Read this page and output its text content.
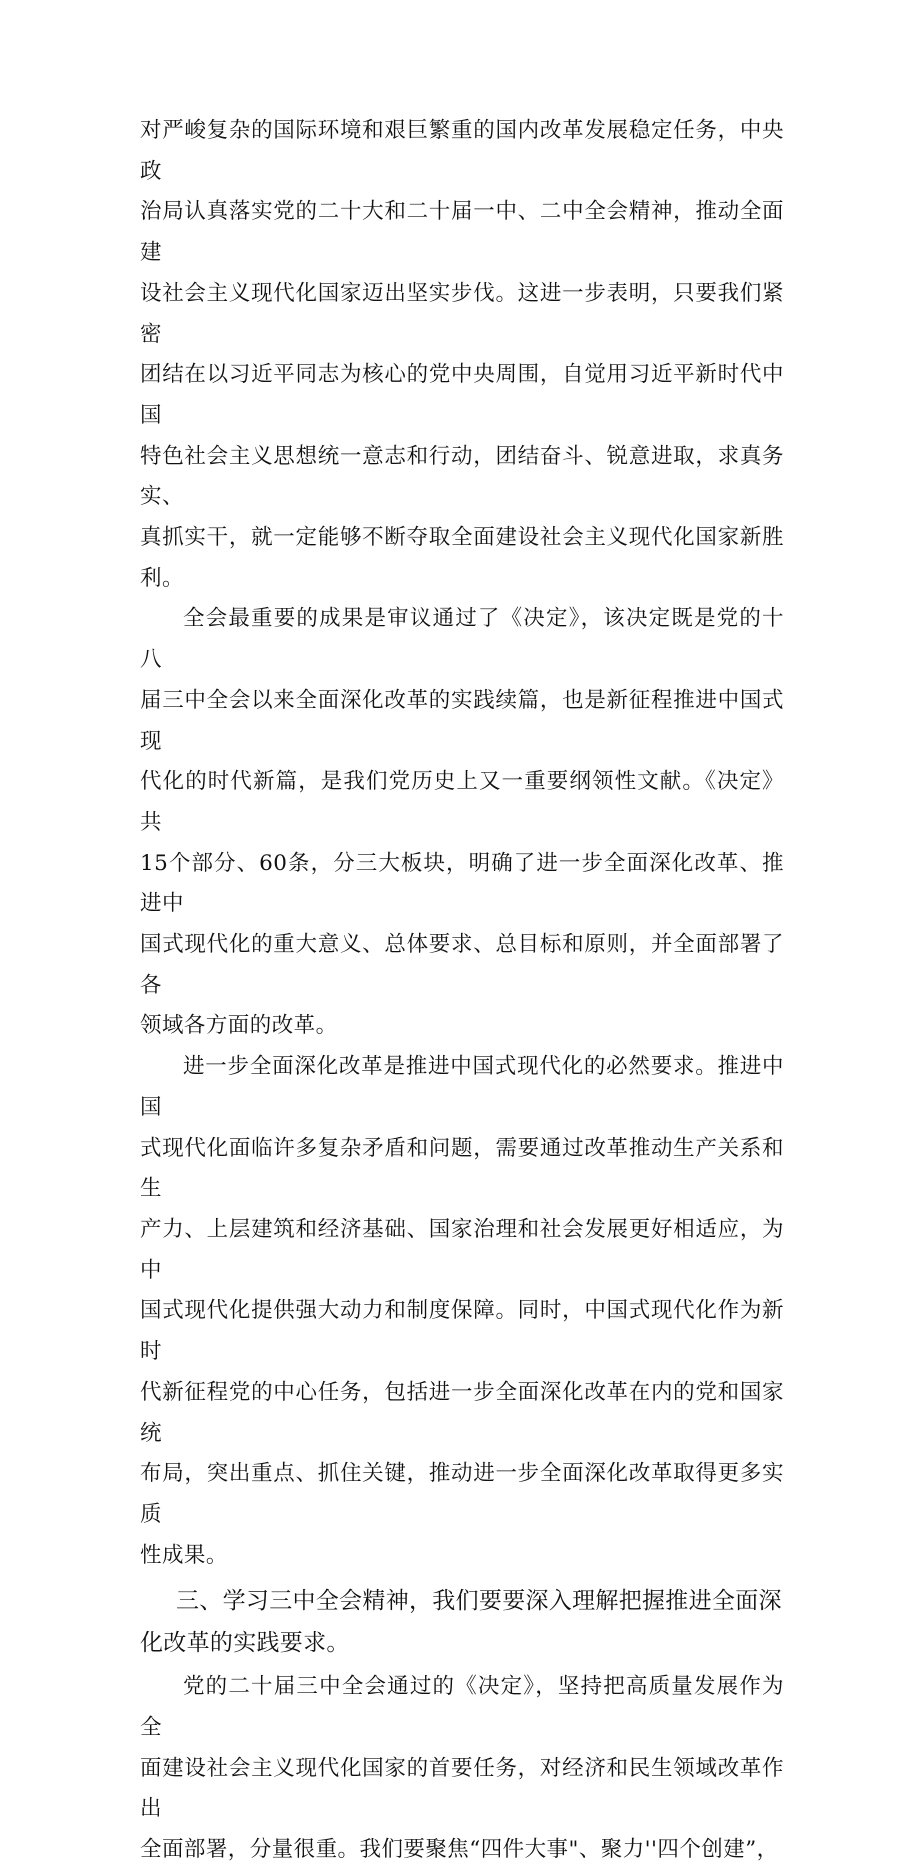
对严峻复杂的国际环境和艰巨繁重的国内改革发展稳定任务，中央政
治局认真落实党的二十大和二十届一中、二中全会精神，推动全面建
设社会主义现代化国家迈出坚实步伐。这进一步表明，只要我们紧密
团结在以习近平同志为核心的党中央周围，自觉用习近平新时代中国
特色社会主义思想统一意志和行动，团结奋斗、锐意进取，求真务实、
真抓实干，就一定能够不断夺取全面建设社会主义现代化国家新胜利。

全会最重要的成果是审议通过了《决定》，该决定既是党的十八
届三中全会以来全面深化改革的实践续篇，也是新征程推进中国式现
代化的时代新篇，是我们党历史上又一重要纲领性文献。《决定》共
15个部分、60条，分三大板块，明确了进一步全面深化改革、推进中
国式现代化的重大意义、总体要求、总目标和原则，并全面部署了各
领域各方面的改革。

进一步全面深化改革是推进中国式现代化的必然要求。推进中国
式现代化面临许多复杂矛盾和问题，需要通过改革推动生产关系和生
产力、上层建筑和经济基础、国家治理和社会发展更好相适应，为中
国式现代化提供强大动力和制度保障。同时，中国式现代化作为新时
代新征程党的中心任务，包括进一步全面深化改革在内的党和国家统
布局，突出重点、抓住关键，推动进一步全面深化改革取得更多实质
性成果。

三、学习三中全会精神，我们要要深入理解把握推进全面深
化改革的实践要求。

党的二十届三中全会通过的《决定》，坚持把高质量发展作为全
面建设社会主义现代化国家的首要任务，对经济和民生领域改革作出
全面部署，分量很重。我们要聚焦“四件大事"、聚力''四个创建”，
